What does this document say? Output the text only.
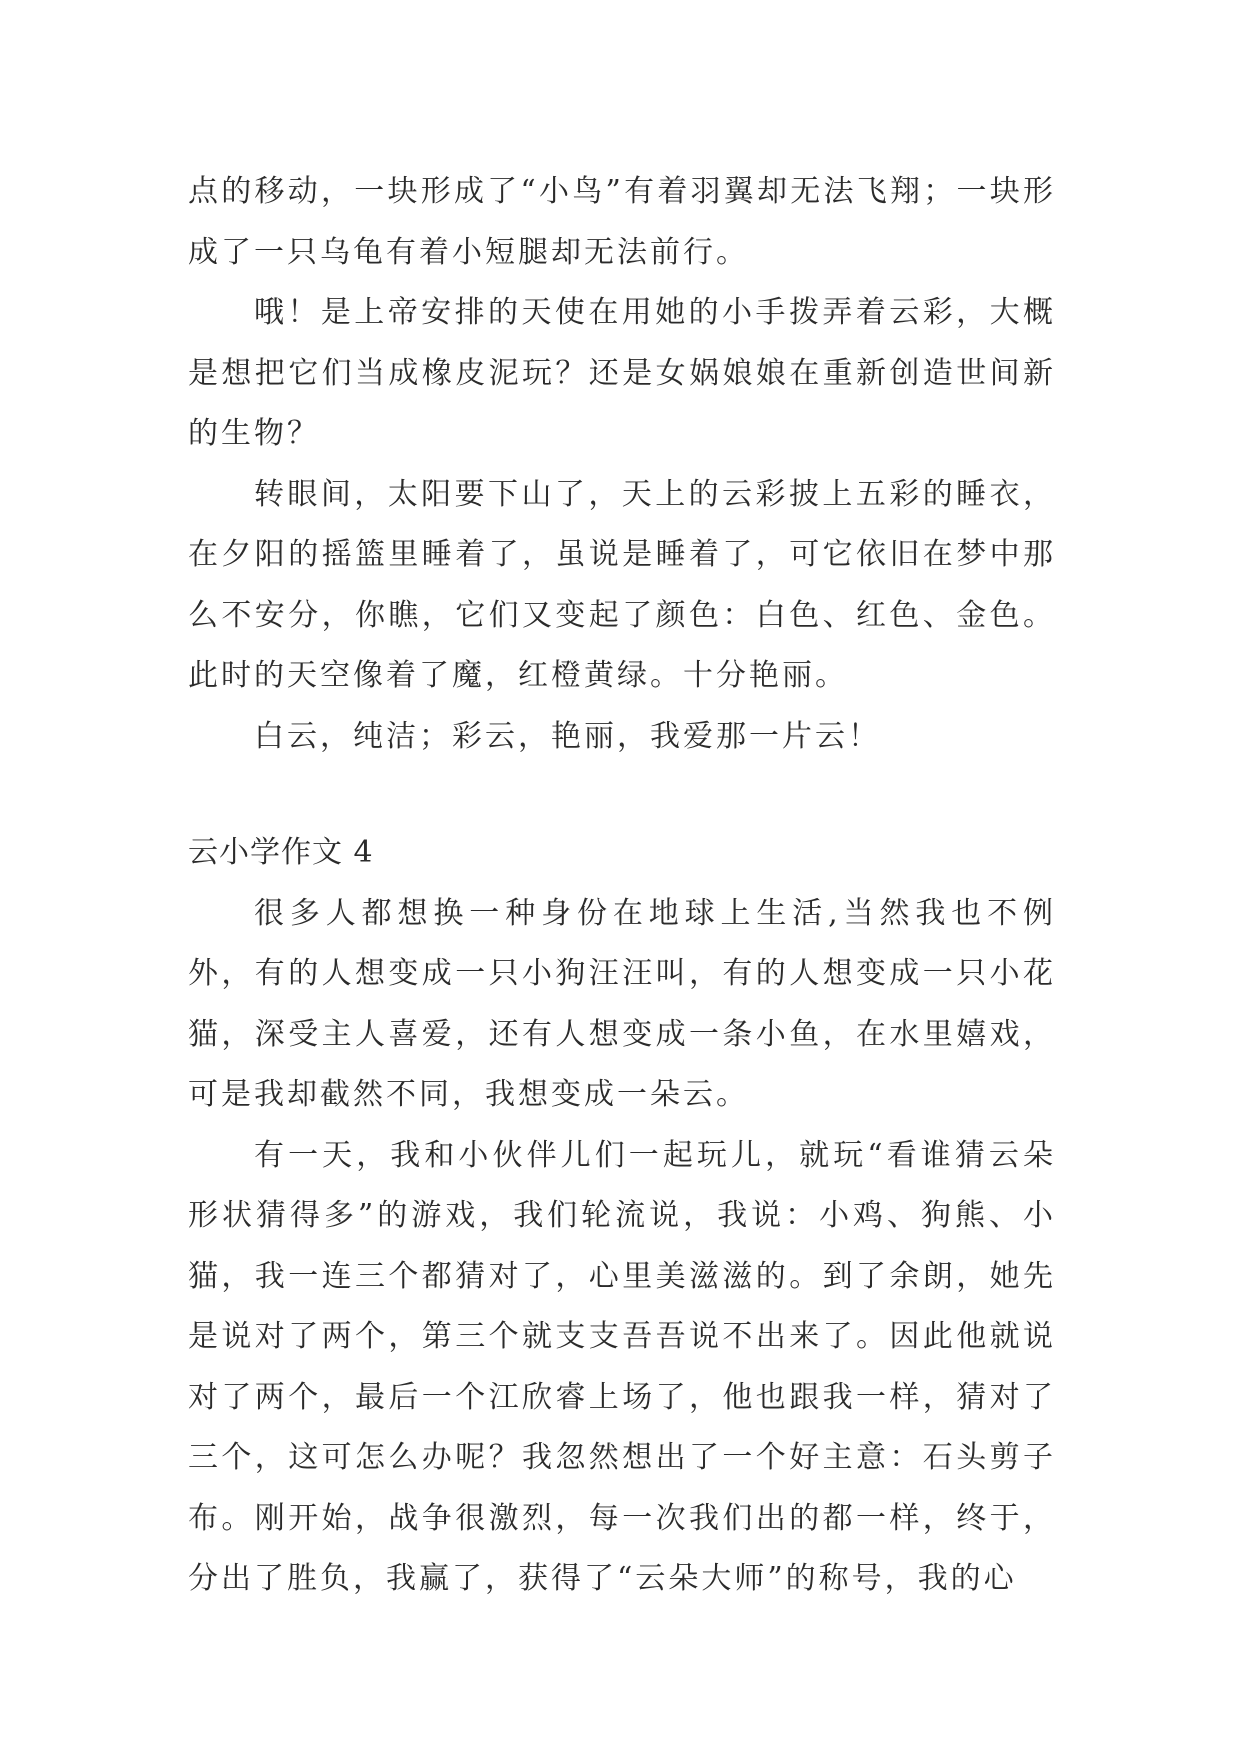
点的移动，一块形成了“小鸟”有着羽翼却无法飞翔；一块形成了一只乌龟有着小短腿却无法前行。

哦！是上帝安排的天使在用她的小手拨弄着云彩，大概是想把它们当成橡皮泥玩？还是女娲娘娘在重新创造世间新的生物？

转眼间，太阳要下山了，天上的云彩披上五彩的睡衣，在夕阳的摇篮里睡着了，虽说是睡着了，可它依旧在梦中那么不安分，你瞧，它们又变起了颜色：白色、红色、金色。此时的天空像着了魔，红橙黄绿。十分艳丽。

白云，纯洁；彩云，艳丽，我爱那一片云！

云小学作文 4

很多人都想换一种身份在地球上生活,当然我也不例外，有的人想变成一只小狗汪汪叫，有的人想变成一只小花猫，深受主人喜爱，还有人想变成一条小鱼，在水里嬉戏，可是我却截然不同，我想变成一朵云。

有一天，我和小伙伴儿们一起玩儿，就玩“看谁猜云朵形状猜得多”的游戏，我们轮流说，我说：小鸡、狗熊、小猫，我一连三个都猜对了，心里美滋滋的。到了余朗，她先是说对了两个，第三个就支支吾吾说不出来了。因此他就说对了两个，最后一个江欣睿上场了，他也跟我一样，猜对了三个，这可怎么办呢？我忽然想出了一个好主意：石头剪子布。刚开始，战争很激烈，每一次我们出的都一样，终于，分出了胜负，我赢了，获得了“云朵大师”的称号，我的心
